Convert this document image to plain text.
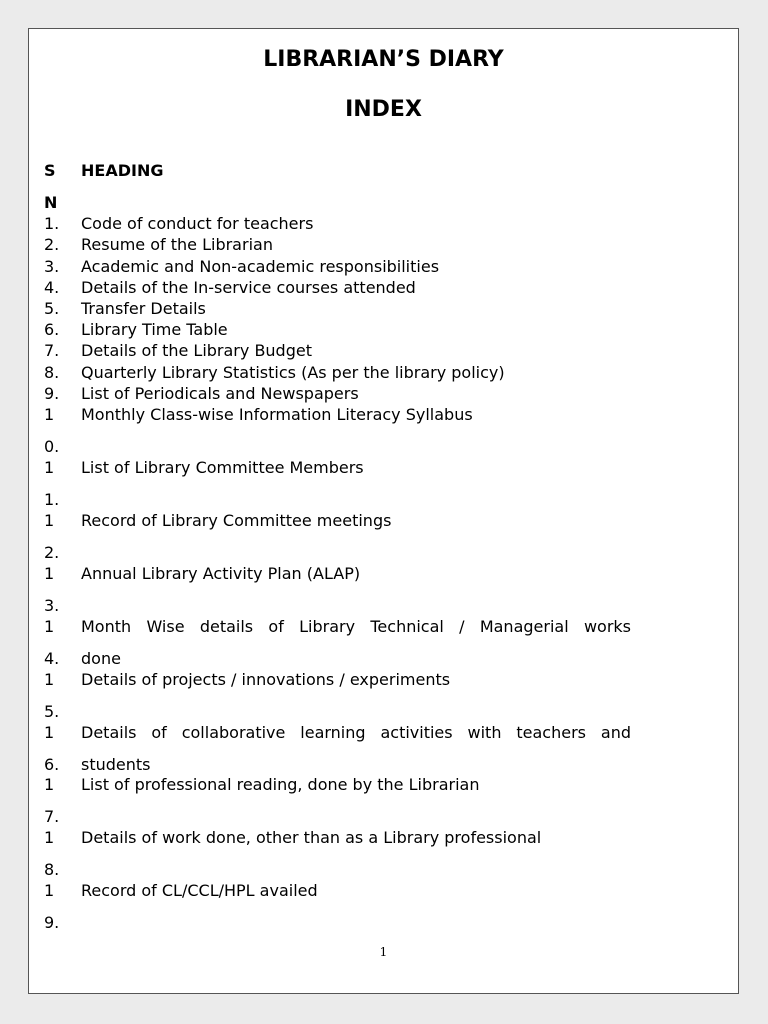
LIBRARIAN’S DIARY
INDEX
S HEADING
N
1. Code of conduct for teachers
2. Resume of the Librarian
3. Academic and Non-academic responsibilities
4. Details of the In-service courses attended
5. Transfer Details
6. Library Time Table
7. Details of the Library Budget
8. Quarterly Library Statistics (As per the library policy)
9. List of Periodicals and Newspapers
1 Monthly Class-wise Information Literacy Syllabus
0.
1 List of Library Committee Members
1.
1 Record of Library Committee meetings
2.
1 Annual Library Activity Plan (ALAP)
3.
1 Month Wise details of Library Technical / Managerial works
4. done
1 Details of projects / innovations / experiments
5.
1 Details of collaborative learning activities with teachers and
6. students
1 List of professional reading, done by the Librarian
7.
1 Details of work done, other than as a Library professional
8.
1 Record of CL/CCL/HPL availed
9.
1
